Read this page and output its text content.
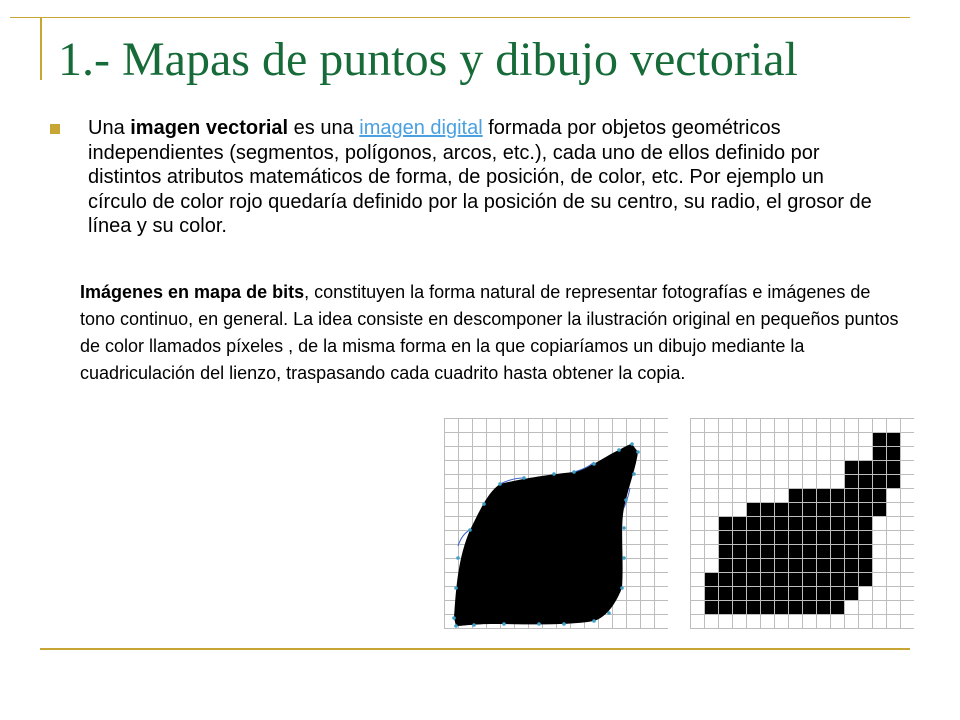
1.- Mapas de puntos y dibujo vectorial

Una imagen vectorial es una imagen digital formada por objetos geométricos independientes (segmentos, polígonos, arcos, etc.), cada uno de ellos definido por distintos atributos matemáticos de forma, de posición, de color, etc. Por ejemplo un círculo de color rojo quedaría definido por la posición de su centro, su radio, el grosor de línea y su color.

Imágenes en mapa de bits, constituyen la forma natural de representar fotografías e imágenes de tono continuo, en general. La idea consiste en descomponer la ilustración original en pequeños puntos de color llamados píxeles , de la misma forma en la que copiaríamos un dibujo mediante la cuadriculación del lienzo, traspasando cada cuadrito hasta obtener la copia.
